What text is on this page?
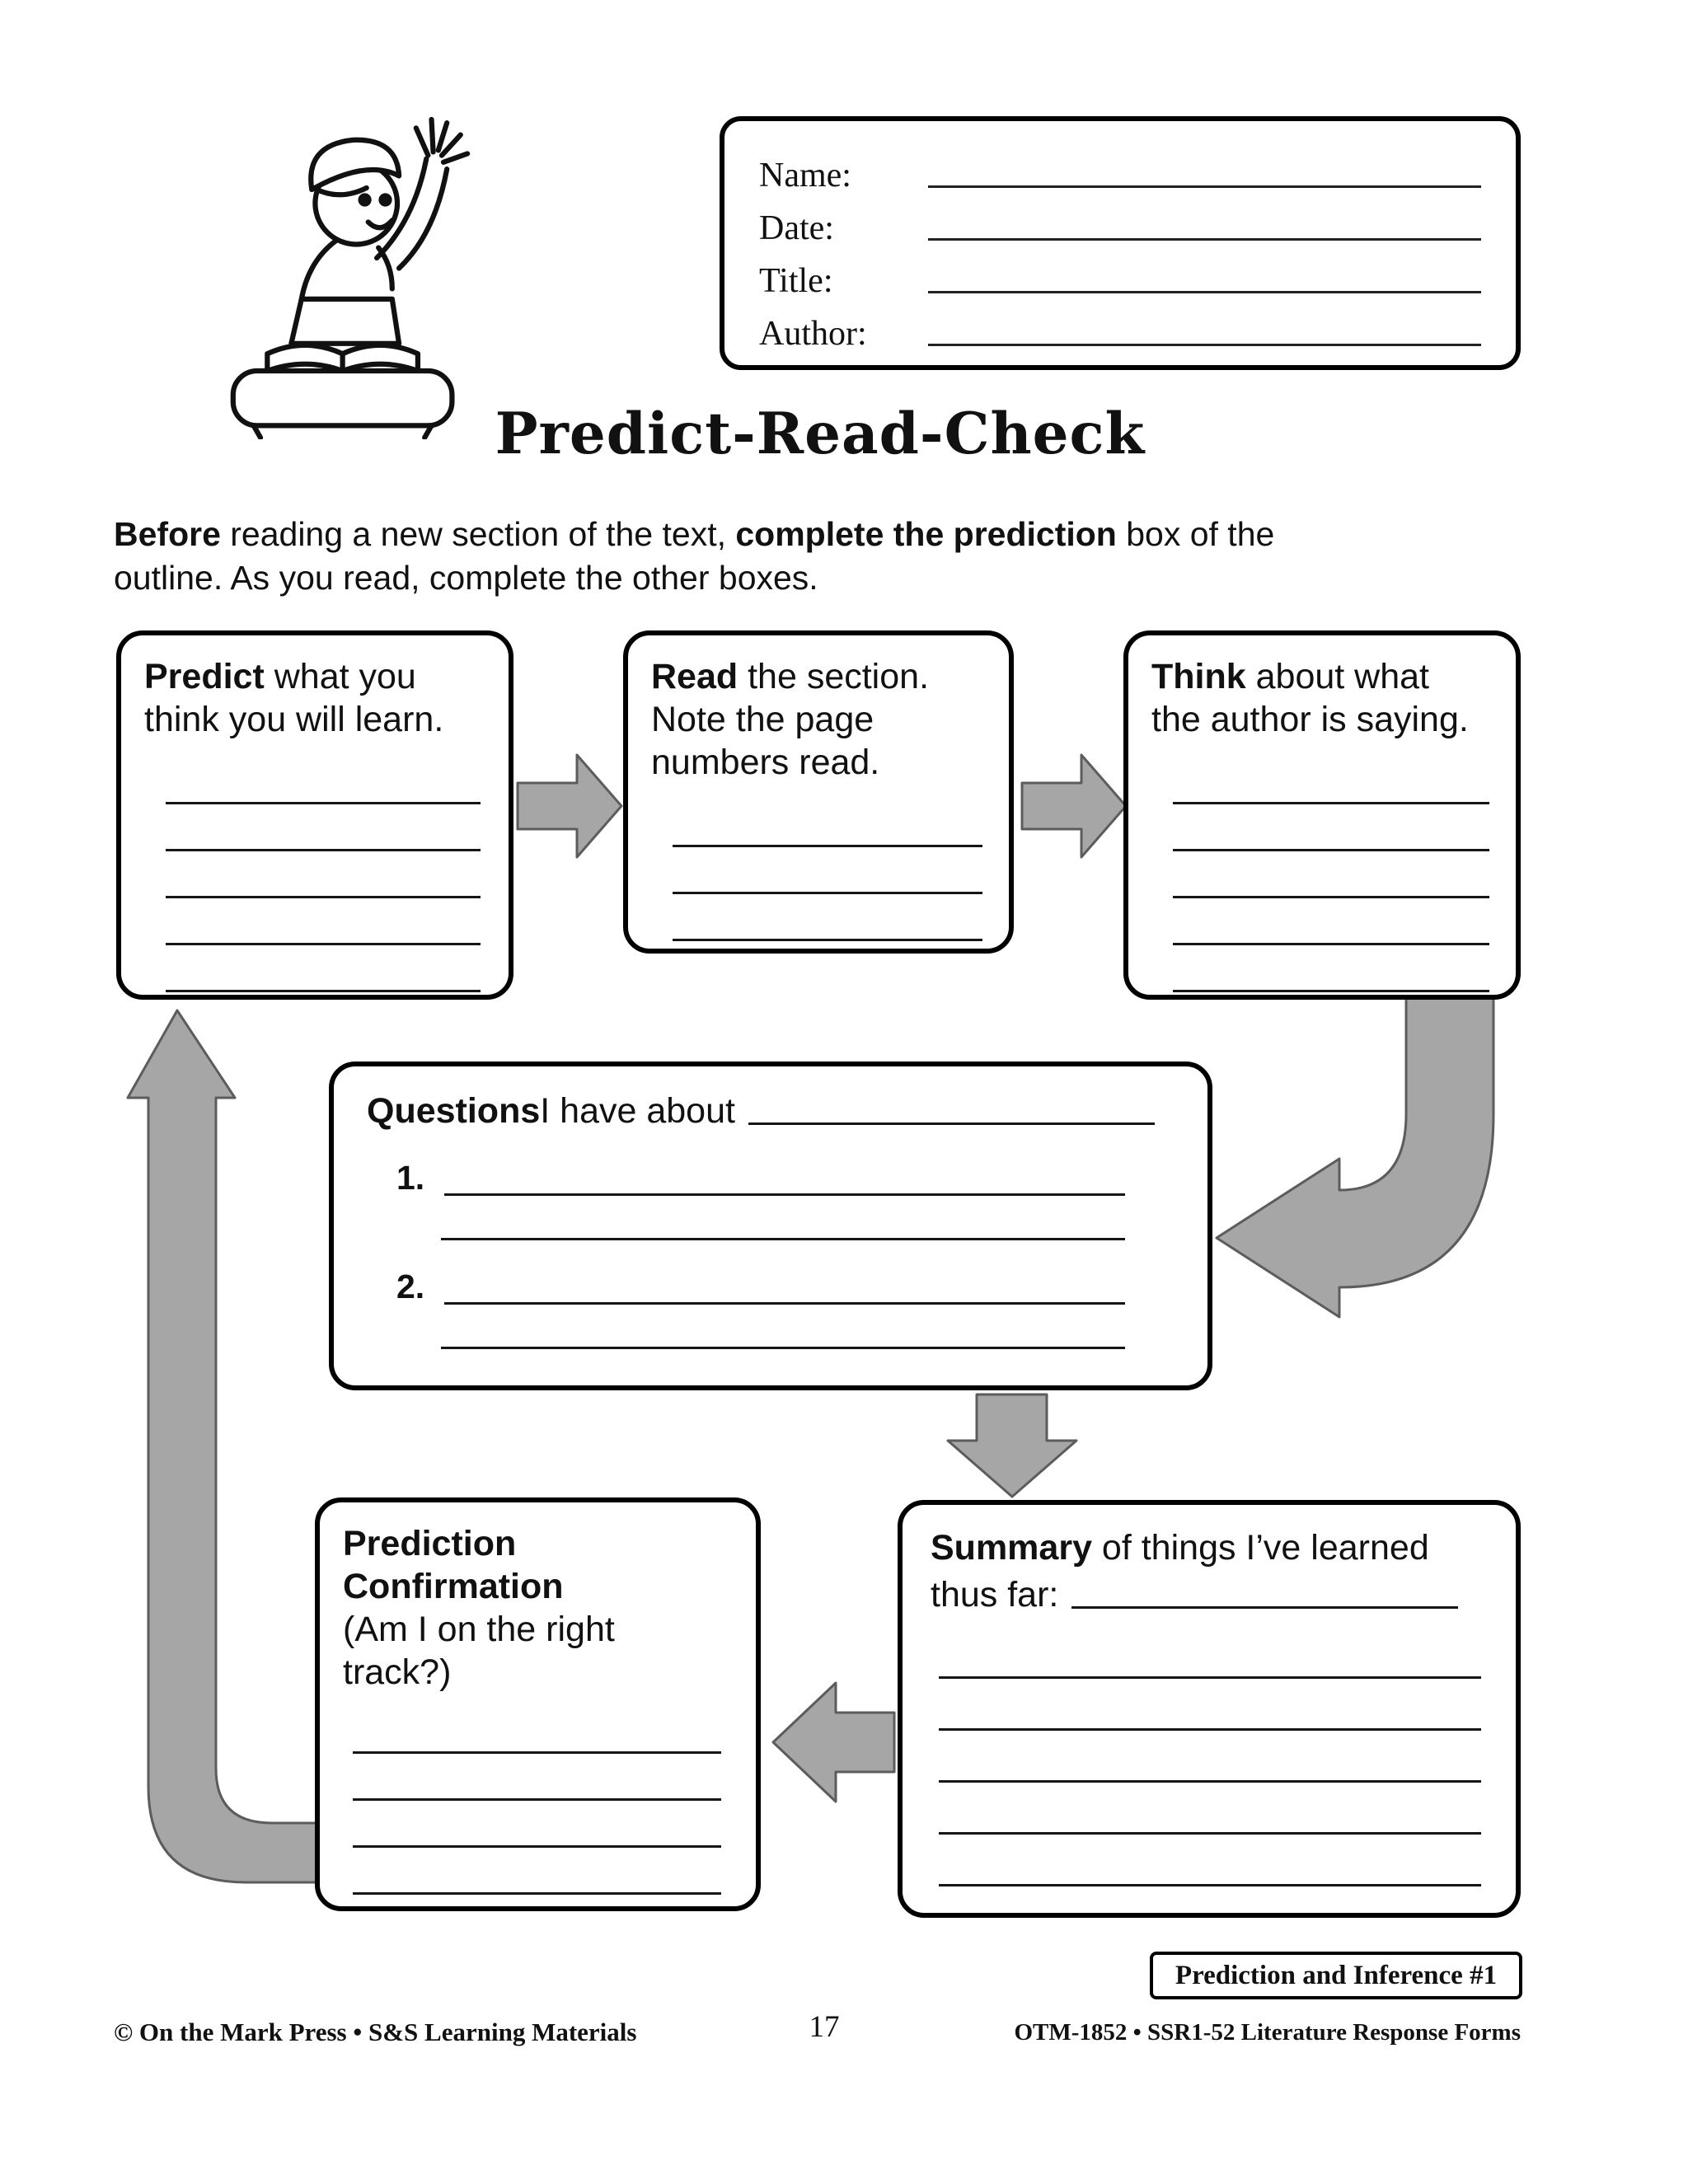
Name:
Date:
Title:
Author:
Predict-Read-Check

Before reading a new section of the text, complete the prediction box of the
outline. As you read, complete the other boxes.

Predict what you
think you will learn.

Read the section.
Note the page
numbers read.

Think about what
the author is saying.

Questions I have about
1.
2.

Summary of things I’ve learned

thus far:

Prediction
Confirmation
(Am I on the right
track?)

Prediction and Inference #1
© On the Mark Press • S&S Learning Materials	17	OTM-1852 • SSR1-52 Literature Response Forms
